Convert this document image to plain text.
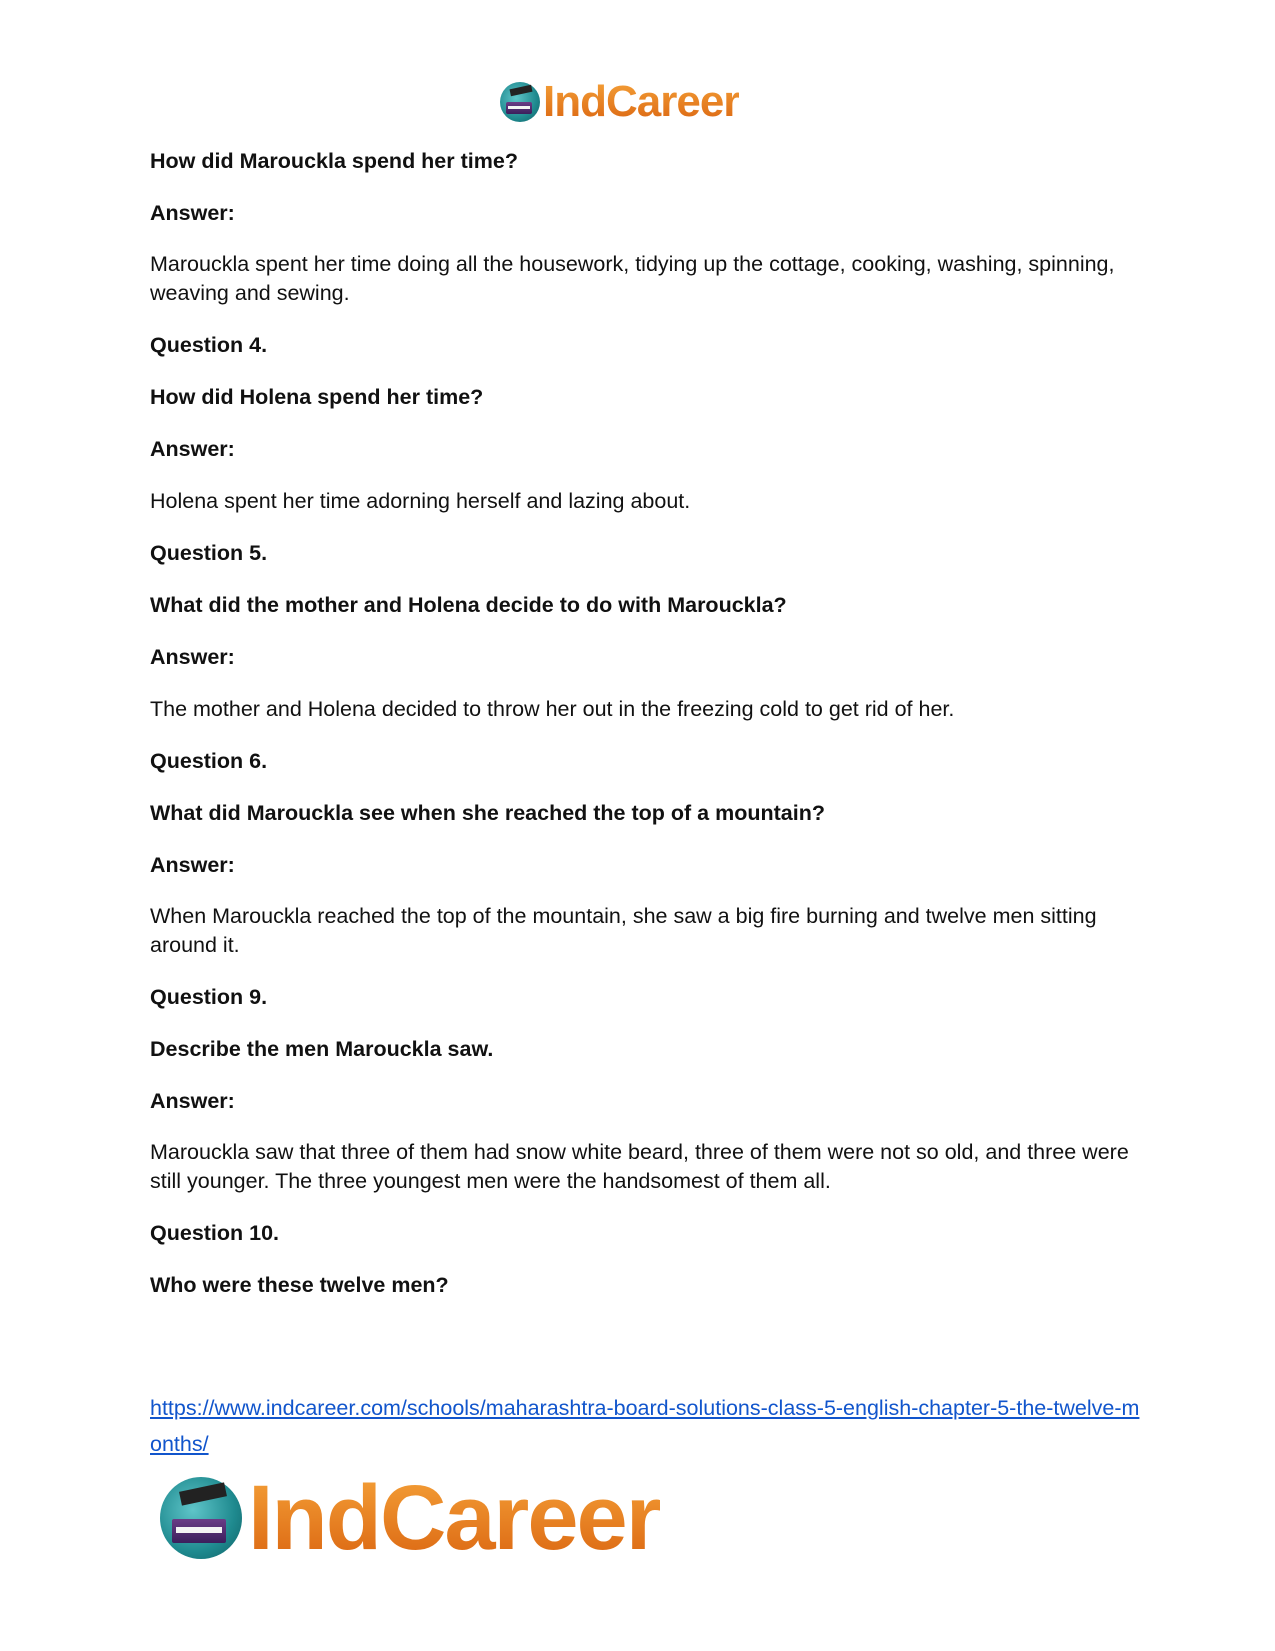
IndCareer

How did Marouckla spend her time?

Answer:

Marouckla spent her time doing all the housework, tidying up the cottage, cooking, washing, spinning, weaving and sewing.

Question 4.

How did Holena spend her time?

Answer:

Holena spent her time adorning herself and lazing about.

Question 5.

What did the mother and Holena decide to do with Marouckla?

Answer:

The mother and Holena decided to throw her out in the freezing cold to get rid of her.

Question 6.

What did Marouckla see when she reached the top of a mountain?

Answer:

When Marouckla reached the top of the mountain, she saw a big fire burning and twelve men sitting around it.

Question 9.

Describe the men Marouckla saw.

Answer:

Marouckla saw that three of them had snow white beard, three of them were not so old, and three were still younger. The three youngest men were the handsomest of them all.

Question 10.

Who were these twelve men?

https://www.indcareer.com/schools/maharashtra-board-solutions-class-5-english-chapter-5-the-twelve-months/
IndCareer
